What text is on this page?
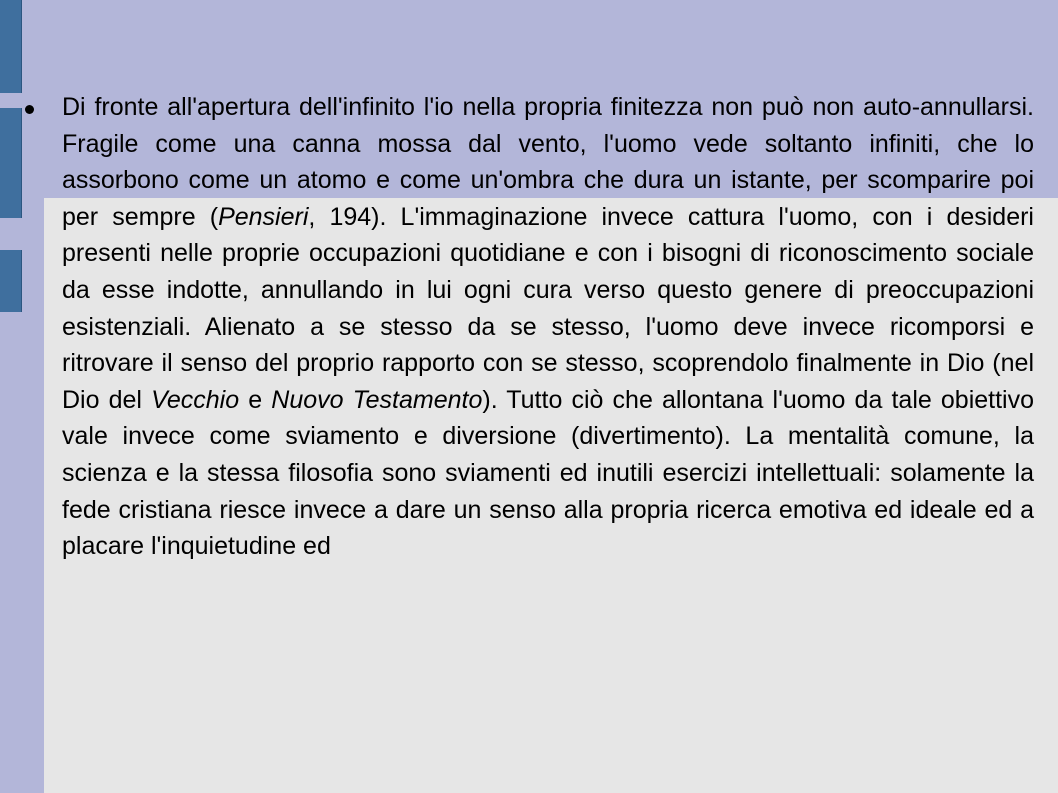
Di fronte all'apertura dell'infinito l'io nella propria finitezza non può non auto-annullarsi. Fragile come una canna mossa dal vento, l'uomo vede soltanto infiniti, che lo assorbono come un atomo e come un'ombra che dura un istante, per scomparire poi per sempre (Pensieri, 194). L'immaginazione invece cattura l'uomo, con i desideri presenti nelle proprie occupazioni quotidiane e con i bisogni di riconoscimento sociale da esse indotte, annullando in lui ogni cura verso questo genere di preoccupazioni esistenziali. Alienato a se stesso da se stesso, l'uomo deve invece ricomporsi e ritrovare il senso del proprio rapporto con se stesso, scoprendolo finalmente in Dio (nel Dio del Vecchio e Nuovo Testamento). Tutto ciò che allontana l'uomo da tale obiettivo vale invece come sviamento e diversione (divertimento). La mentalità comune, la scienza e la stessa filosofia sono sviamenti ed inutili esercizi intellettuali: solamente la fede cristiana riesce invece a dare un senso alla propria ricerca emotiva ed ideale ed a placare l'inquietudine ed
